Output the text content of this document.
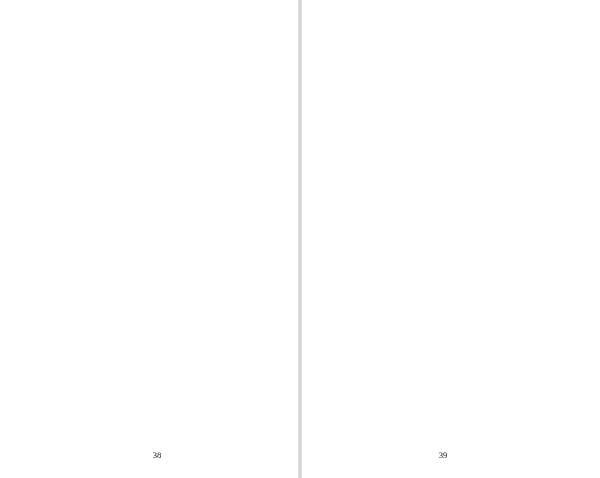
38	39
